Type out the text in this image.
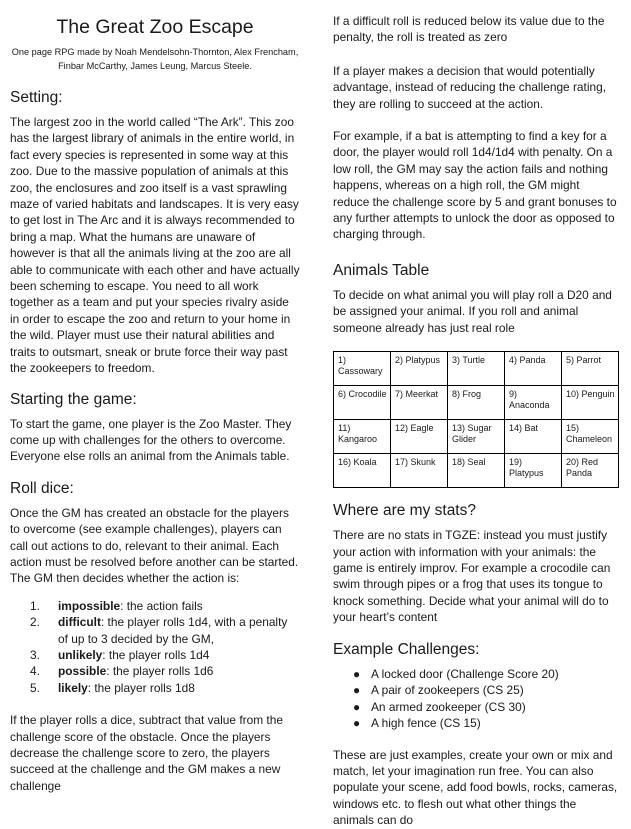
The Great Zoo Escape
One page RPG made by Noah Mendelsohn-Thornton, Alex Frencham, Finbar McCarthy, James Leung, Marcus Steele.
Setting:

The largest zoo in the world called “The Ark”. This zoo has the largest library of animals in the entire world, in fact every species is represented in some way at this zoo. Due to the massive population of animals at this zoo, the enclosures and zoo itself is a vast sprawling maze of varied habitats and landscapes. It is very easy to get lost in The Arc and it is always recommended to bring a map. What the humans are unaware of however is that all the animals living at the zoo are all able to communicate with each other and have actually been scheming to escape. You need to all work together as a team and put your species rivalry aside in order to escape the zoo and return to your home in the wild. Player must use their natural abilities and traits to outsmart, sneak or brute force their way past the zookeepers to freedom.

Starting the game:

To start the game, one player is the Zoo Master. They come up with challenges for the others to overcome. Everyone else rolls an animal from the Animals table.

Roll dice:

Once the GM has created an obstacle for the players to overcome (see example challenges), players can call out actions to do, relevant to their animal. Each action must be resolved before another can be started. The GM then decides whether the action is:

1. impossible: the action fails
2. difficult: the player rolls 1d4, with a penalty of up to 3 decided by the GM,
3. unlikely: the player rolls 1d4
4. possible: the player rolls 1d6
5. likely: the player rolls 1d8

If the player rolls a dice, subtract that value from the challenge score of the obstacle. Once the players decrease the challenge score to zero, the players succeed at the challenge and the GM makes a new challenge

If a difficult roll is reduced below its value due to the penalty, the roll is treated as zero

If a player makes a decision that would potentially advantage, instead of reducing the challenge rating, they are rolling to succeed at the action.

For example, if a bat is attempting to find a key for a door, the player would roll 1d4/1d4 with penalty. On a low roll, the GM may say the action fails and nothing happens, whereas on a high roll, the GM might reduce the challenge score by 5 and grant bonuses to any further attempts to unlock the door as opposed to charging through.

Animals Table

To decide on what animal you will play roll a D20 and be assigned your animal. If you roll and animal someone already has just real role

1) Cassowary	2) Platypus	3) Turtle	4) Panda	5) Parrot
6) Crocodile	7) Meerkat	8) Frog	9) Anaconda	10) Penguin
11) Kangaroo	12) Eagle	13) Sugar Glider	14) Bat	15) Chameleon
16) Koala	17) Skunk	18) Seal	19) Platypus	20) Red Panda
Where are my stats?

There are no stats in TGZE: instead you must justify your action with information with your animals: the game is entirely improv. For example a crocodile can swim through pipes or a frog that uses its tongue to knock something. Decide what your animal will do to your heart’s content

Example Challenges:
● A locked door (Challenge Score 20)
● A pair of zookeepers (CS 25)
● An armed zookeeper (CS 30)
● A high fence (CS 15)

These are just examples, create your own or mix and match, let your imagination run free. You can also populate your scene, add food bowls, rocks, cameras, windows etc. to flesh out what other things the animals can do
